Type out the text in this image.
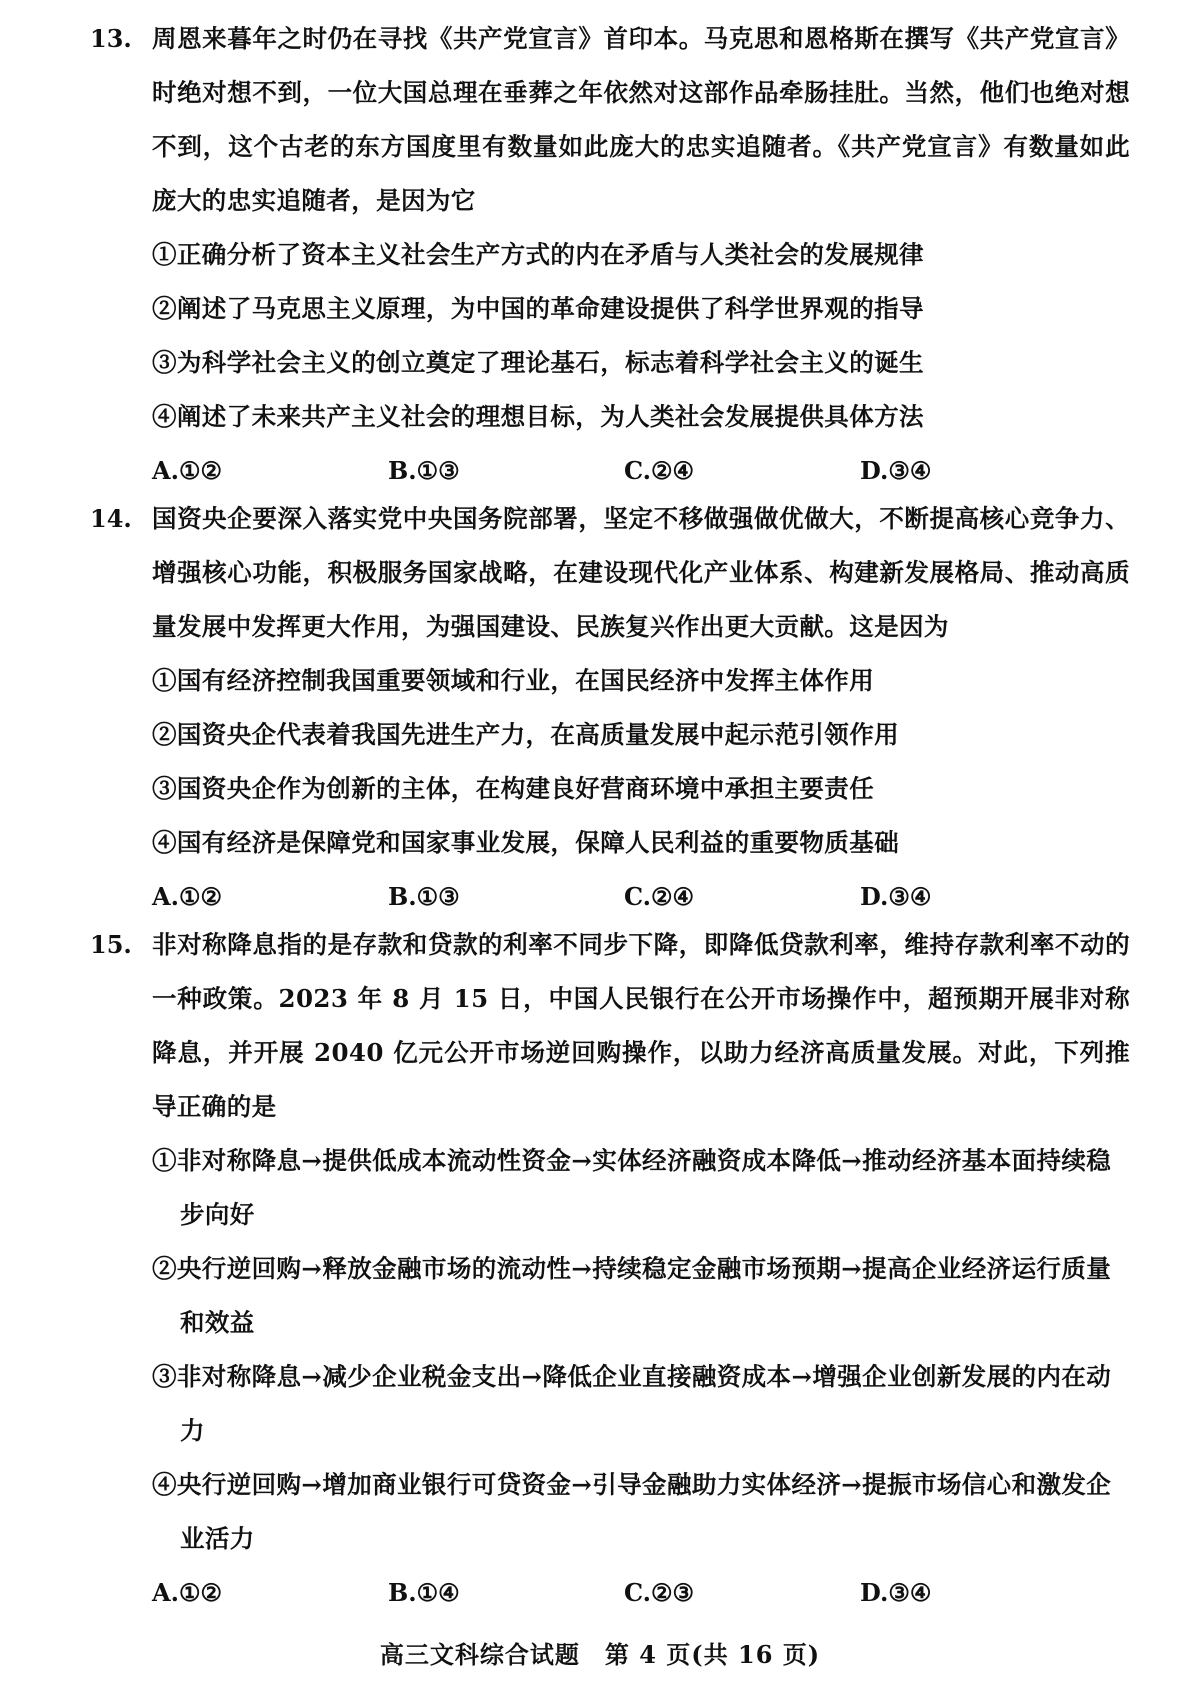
13. 周恩来暮年之时仍在寻找《共产党宣言》首印本。马克思和恩格斯在撰写《共产党宣言》时绝对想不到，一位大国总理在垂葬之年依然对这部作品牵肠挂肚。当然，他们也绝对想不到，这个古老的东方国度里有数量如此庞大的忠实追随者。《共产党宣言》有数量如此庞大的忠实追随者，是因为它
①正确分析了资本主义社会生产方式的内在矛盾与人类社会的发展规律
②阐述了马克思主义原理，为中国的革命建设提供了科学世界观的指导
③为科学社会主义的创立奠定了理论基石，标志着科学社会主义的诞生
④阐述了未来共产主义社会的理想目标，为人类社会发展提供具体方法
A.①②	B.①③	C.②④	D.③④
14. 国资央企要深入落实党中央国务院部署，坚定不移做强做优做大，不断提高核心竞争力、增强核心功能，积极服务国家战略，在建设现代化产业体系、构建新发展格局、推动高质量发展中发挥更大作用，为强国建设、民族复兴作出更大贡献。这是因为
①国有经济控制我国重要领域和行业，在国民经济中发挥主体作用
②国资央企代表着我国先进生产力，在高质量发展中起示范引领作用
③国资央企作为创新的主体，在构建良好营商环境中承担主要责任
④国有经济是保障党和国家事业发展，保障人民利益的重要物质基础
A.①②	B.①③	C.②④	D.③④
15. 非对称降息指的是存款和贷款的利率不同步下降，即降低贷款利率，维持存款利率不动的一种政策。2023 年 8 月 15 日，中国人民银行在公开市场操作中，超预期开展非对称降息，并开展 2040 亿元公开市场逆回购操作，以助力经济高质量发展。对此，下列推导正确的是
①非对称降息→提供低成本流动性资金→实体经济融资成本降低→推动经济基本面持续稳步向好
②央行逆回购→释放金融市场的流动性→持续稳定金融市场预期→提高企业经济运行质量和效益
③非对称降息→减少企业税金支出→降低企业直接融资成本→增强企业创新发展的内在动力
④央行逆回购→增加商业银行可贷资金→引导金融助力实体经济→提振市场信心和激发企业活力
A.①②	B.①④	C.②③	D.③④
高三文科综合试题　第 4 页(共 16 页)
